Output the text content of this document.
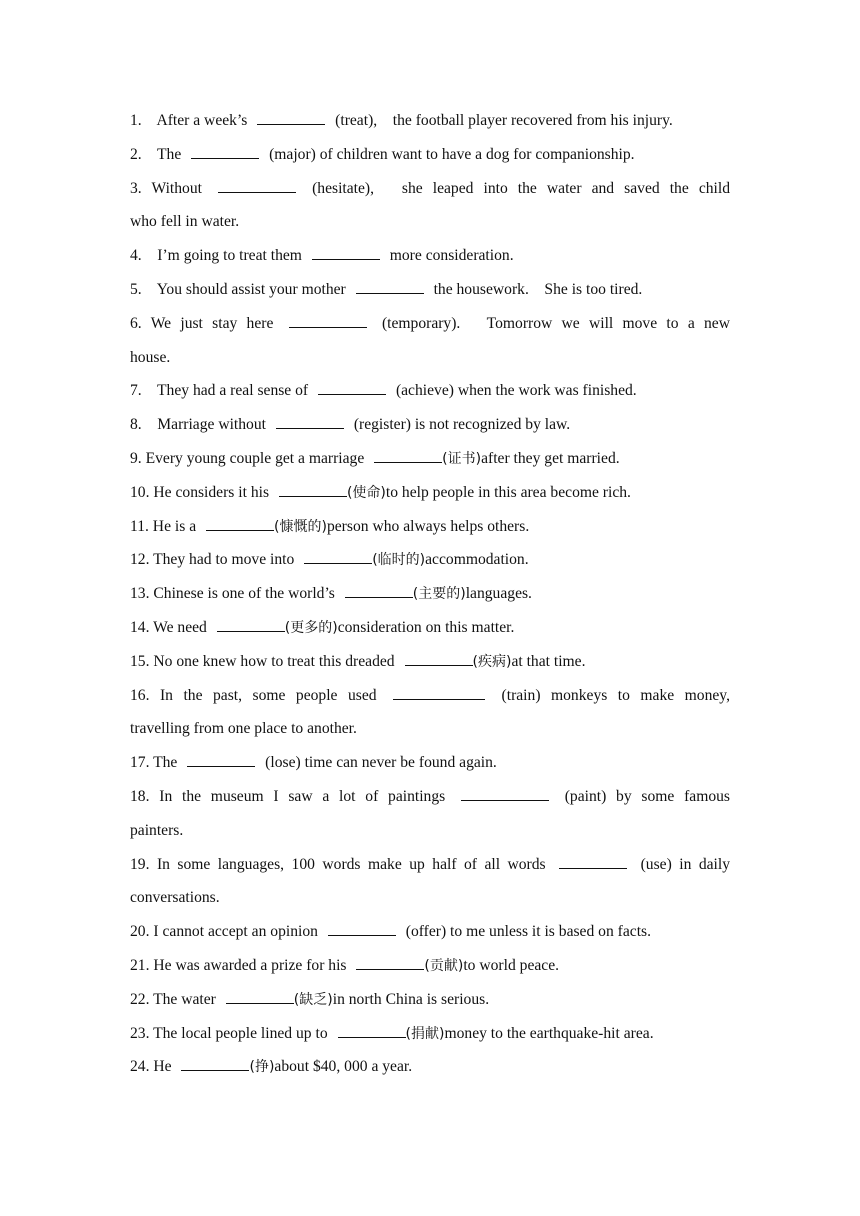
1. After a week’s	(treat),　the football player recovered from his injury.
2. The	(major) of children want to have a dog for companionship.
3. Without	(hesitate),　she leaped into the water and saved the child
who fell in water.
4. I’m going to treat them	more consideration.
5. You should assist your mother	the housework.　She is too tired.
6. We just stay here	(temporary).　Tomorrow we will move to a new
house.
7. They had a real sense of	(achieve) when the work was finished.
8. Marriage without	(register) is not recognized by law.
9. Every young couple get a marriage	(证书)after they get married.
10. He considers it his	(使命)to help people in this area become rich.
11. He is a	(慷慨的)person who always helps others.
12. They had to move into	(临时的)accommodation.
13. Chinese is one of the world’s	(主要的)languages.
14. We need	(更多的)consideration on this matter.
15. No one knew how to treat this dreaded	(疾病)at that time.
16. In the past, some people used	(train) monkeys to make money,
travelling from one place to another.
17. The	(lose) time can never be found again.
18. In the museum I saw a lot of paintings	(paint) by some famous
painters.
19. In some languages, 100 words make up half of all words	(use) in daily
conversations.
20. I cannot accept an opinion	(offer) to me unless it is based on facts.
21. He was awarded a prize for his	(贡献)to world peace.
22. The water	(缺乏)in north China is serious.
23. The local people lined up to	(捐献)money to the earthquake-hit area.
24. He	(挣)about $40, 000 a year.
